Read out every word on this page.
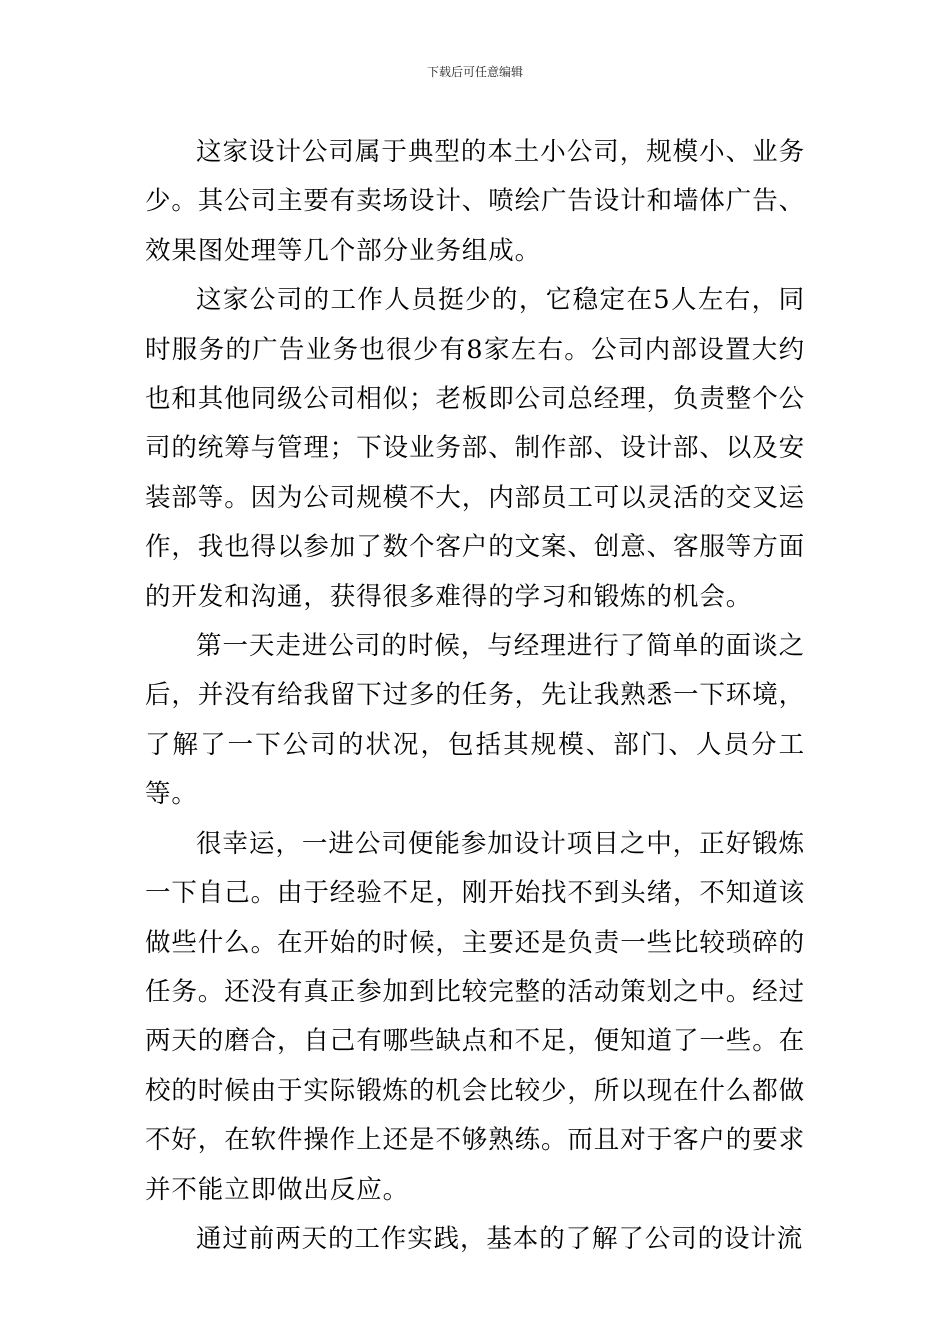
下载后可任意编辑

这家设计公司属于典型的本土小公司，规模小、业务少。其公司主要有卖场设计、喷绘广告设计和墙体广告、效果图处理等几个部分业务组成。

这家公司的工作人员挺少的，它稳定在5人左右，同时服务的广告业务也很少有8家左右。公司内部设置大约也和其他同级公司相似；老板即公司总经理，负责整个公司的统筹与管理；下设业务部、制作部、设计部、以及安装部等。因为公司规模不大，内部员工可以灵活的交叉运作，我也得以参加了数个客户的文案、创意、客服等方面的开发和沟通，获得很多难得的学习和锻炼的机会。

第一天走进公司的时候，与经理进行了简单的面谈之后，并没有给我留下过多的任务，先让我熟悉一下环境，了解了一下公司的状况，包括其规模、部门、人员分工等。

很幸运，一进公司便能参加设计项目之中，正好锻炼一下自己。由于经验不足，刚开始找不到头绪，不知道该做些什么。在开始的时候，主要还是负责一些比较琐碎的任务。还没有真正参加到比较完整的活动策划之中。经过两天的磨合，自己有哪些缺点和不足，便知道了一些。在校的时候由于实际锻炼的机会比较少，所以现在什么都做不好，在软件操作上还是不够熟练。而且对于客户的要求并不能立即做出反应。

通过前两天的工作实践，基本的了解了公司的设计流
